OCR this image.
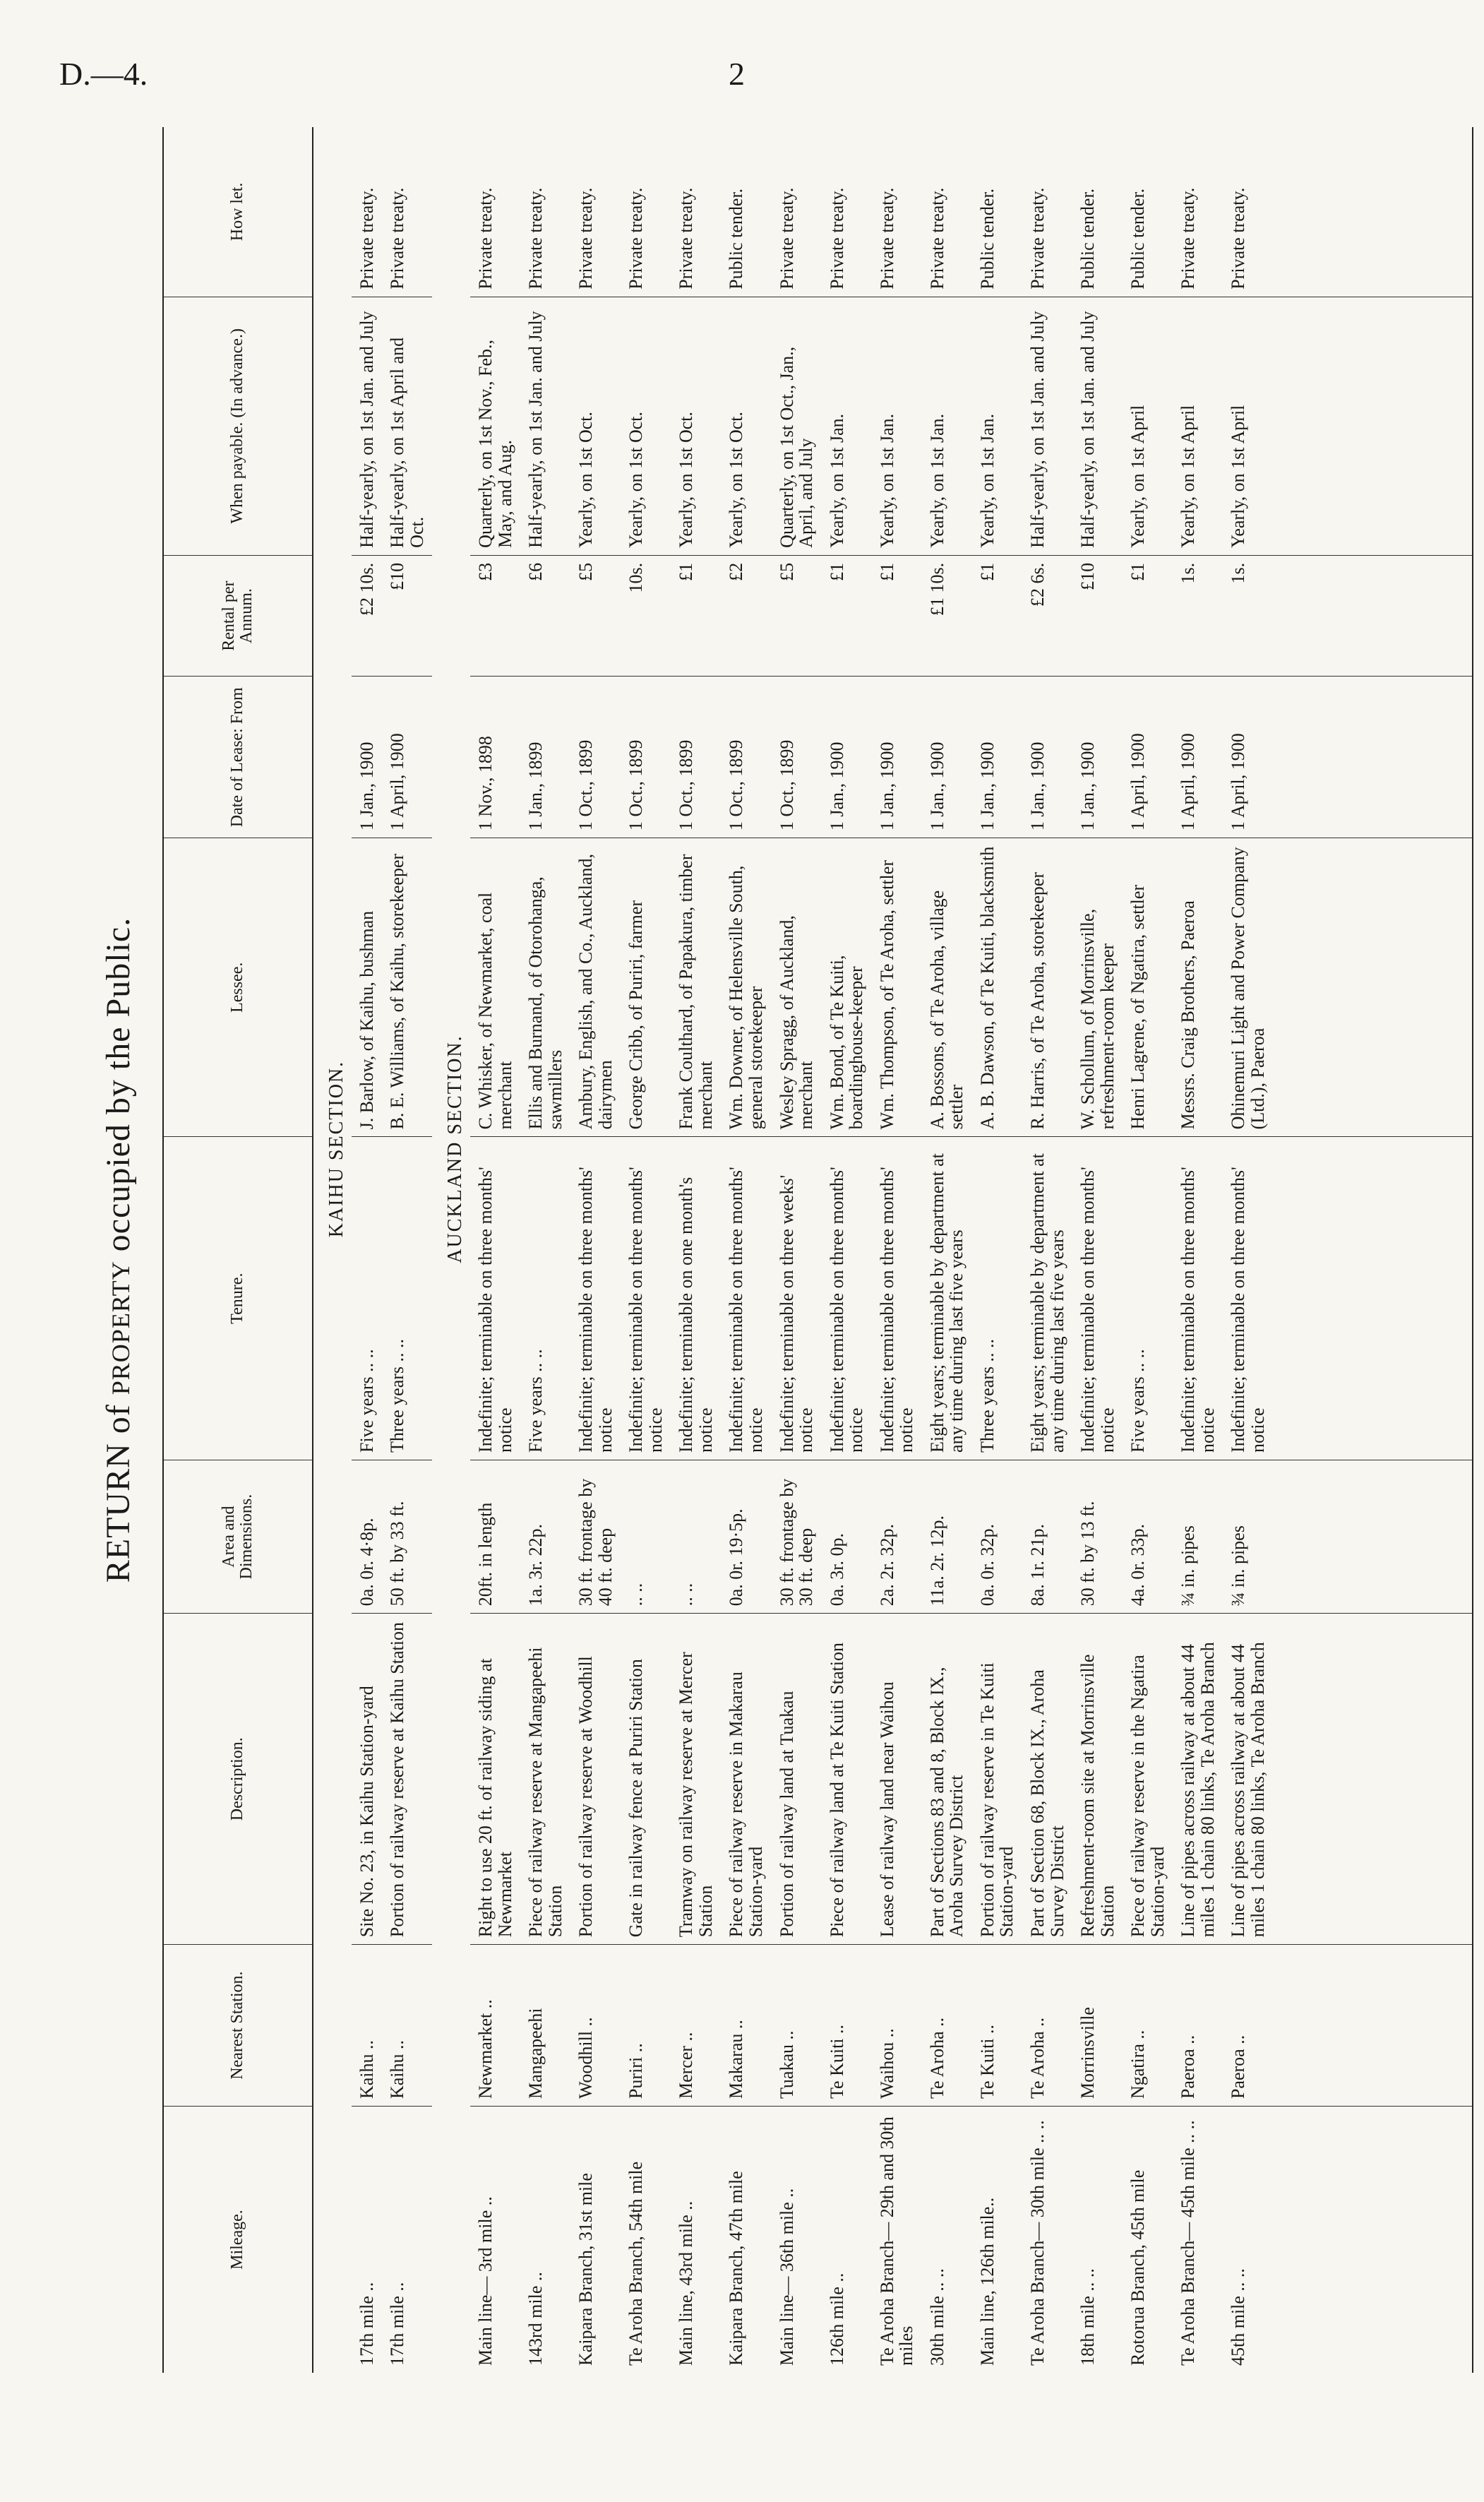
D.—4.	2
RETURN of PROPERTY occupied by the Public.
Mileage.	Nearest Station.	Description.	Area and Dimensions.	Tenure.	Lessee.	Date of Lease: From	Rental per Annum.	When payable. (In advance.)	How let.
				KAIHU SECTION.					
17th mile ..	Kaihu ..	Site No. 23, in Kaihu Station-yard	0a. 0r. 4·8p.	Five years .. ..	J. Barlow, of Kaihu, bushman	1 Jan., 1900	£2 10s.	Half-yearly, on 1st Jan. and July	Private treaty.
17th mile ..	Kaihu ..	Portion of railway reserve at Kaihu Station	50 ft. by 33 ft.	Three years .. ..	B. E. Williams, of Kaihu, storekeeper	1 April, 1900	£10	Half-yearly, on 1st April and Oct.	Private treaty.
				AUCKLAND SECTION.					
Main line— 3rd mile ..	Newmarket ..	Right to use 20 ft. of railway siding at Newmarket	20ft. in length	Indefinite; terminable on three months' notice	C. Whisker, of Newmarket, coal merchant	1 Nov., 1898	£3	Quarterly, on 1st Nov., Feb., May, and Aug.	Private treaty.
143rd mile ..	Mangapeehi	Piece of railway reserve at Mangapeehi Station	1a. 3r. 22p.	Five years .. ..	Ellis and Burnand, of Otorohanga, sawmillers	1 Jan., 1899	£6	Half-yearly, on 1st Jan. and July	Private treaty.
Kaipara Branch, 31st mile	Woodhill ..	Portion of railway reserve at Woodhill	30 ft. frontage by 40 ft. deep	Indefinite; terminable on three months' notice	Ambury, English, and Co., Auckland, dairymen	1 Oct., 1899	£5	Yearly, on 1st Oct.	Private treaty.
Te Aroha Branch, 54th mile	Puriri ..	Gate in railway fence at Puriri Station	.. ..	Indefinite; terminable on three months' notice	George Cribb, of Puriri, farmer	1 Oct., 1899	10s.	Yearly, on 1st Oct.	Private treaty.
Main line, 43rd mile ..	Mercer ..	Tramway on railway reserve at Mercer Station	.. ..	Indefinite; terminable on one month's notice	Frank Coulthard, of Papakura, timber merchant	1 Oct., 1899	£1	Yearly, on 1st Oct.	Private treaty.
Kaipara Branch, 47th mile	Makarau ..	Piece of railway reserve in Makarau Station-yard	0a. 0r. 19·5p.	Indefinite; terminable on three months' notice	Wm. Downer, of Helensville South, general storekeeper	1 Oct., 1899	£2	Yearly, on 1st Oct.	Public tender.
Main line— 36th mile ..	Tuakau ..	Portion of railway land at Tuakau	30 ft. frontage by 30 ft. deep	Indefinite; terminable on three weeks' notice	Wesley Spragg, of Auckland, merchant	1 Oct., 1899	£5	Quarterly, on 1st Oct., Jan., April, and July	Private treaty.
126th mile ..	Te Kuiti ..	Piece of railway land at Te Kuiti Station	0a. 3r. 0p.	Indefinite; terminable on three months' notice	Wm. Bond, of Te Kuiti, boardinghouse-keeper	1 Jan., 1900	£1	Yearly, on 1st Jan.	Private treaty.
Te Aroha Branch— 29th and 30th miles	Waihou ..	Lease of railway land near Waihou	2a. 2r. 32p.	Indefinite; terminable on three months' notice	Wm. Thompson, of Te Aroha, settler	1 Jan., 1900	£1	Yearly, on 1st Jan.	Private treaty.
30th mile .. ..	Te Aroha ..	Part of Sections 83 and 8, Block IX., Aroha Survey District	11a. 2r. 12p.	Eight years; terminable by department at any time during last five years	A. Bossons, of Te Aroha, village settler	1 Jan., 1900	£1 10s.	Yearly, on 1st Jan.	Private treaty.
Main line, 126th mile..	Te Kuiti ..	Portion of railway reserve in Te Kuiti Station-yard	0a. 0r. 32p.	Three years .. ..	A. B. Dawson, of Te Kuiti, blacksmith	1 Jan., 1900	£1	Yearly, on 1st Jan.	Public tender.
Te Aroha Branch— 30th mile .. ..	Te Aroha ..	Part of Section 68, Block IX., Aroha Survey District	8a. 1r. 21p.	Eight years; terminable by department at any time during last five years	R. Harris, of Te Aroha, storekeeper	1 Jan., 1900	£2 6s.	Half-yearly, on 1st Jan. and July	Private treaty.
18th mile .. ..	Morrinsville	Refreshment-room site at Morrinsville Station	30 ft. by 13 ft.	Indefinite; terminable on three months' notice	W. Schollum, of Morrinsville, refreshment-room keeper	1 Jan., 1900	£10	Half-yearly, on 1st Jan. and July	Public tender.
Rotorua Branch, 45th mile	Ngatira ..	Piece of railway reserve in the Ngatira Station-yard	4a. 0r. 33p.	Five years .. ..	Henri Lagrene, of Ngatira, settler	1 April, 1900	£1	Yearly, on 1st April	Public tender.
Te Aroha Branch— 45th mile .. ..	Paeroa ..	Line of pipes across railway at about 44 miles 1 chain 80 links, Te Aroha Branch	¾ in. pipes	Indefinite; terminable on three months' notice	Messrs. Craig Brothers, Paeroa	1 April, 1900	1s.	Yearly, on 1st April	Private treaty.
45th mile .. ..	Paeroa ..	Line of pipes across railway at about 44 miles 1 chain 80 links, Te Aroha Branch	¾ in. pipes	Indefinite; terminable on three months' notice	Ohinemuri Light and Power Company (Ltd.), Paeroa	1 April, 1900	1s.	Yearly, on 1st April	Private treaty.
